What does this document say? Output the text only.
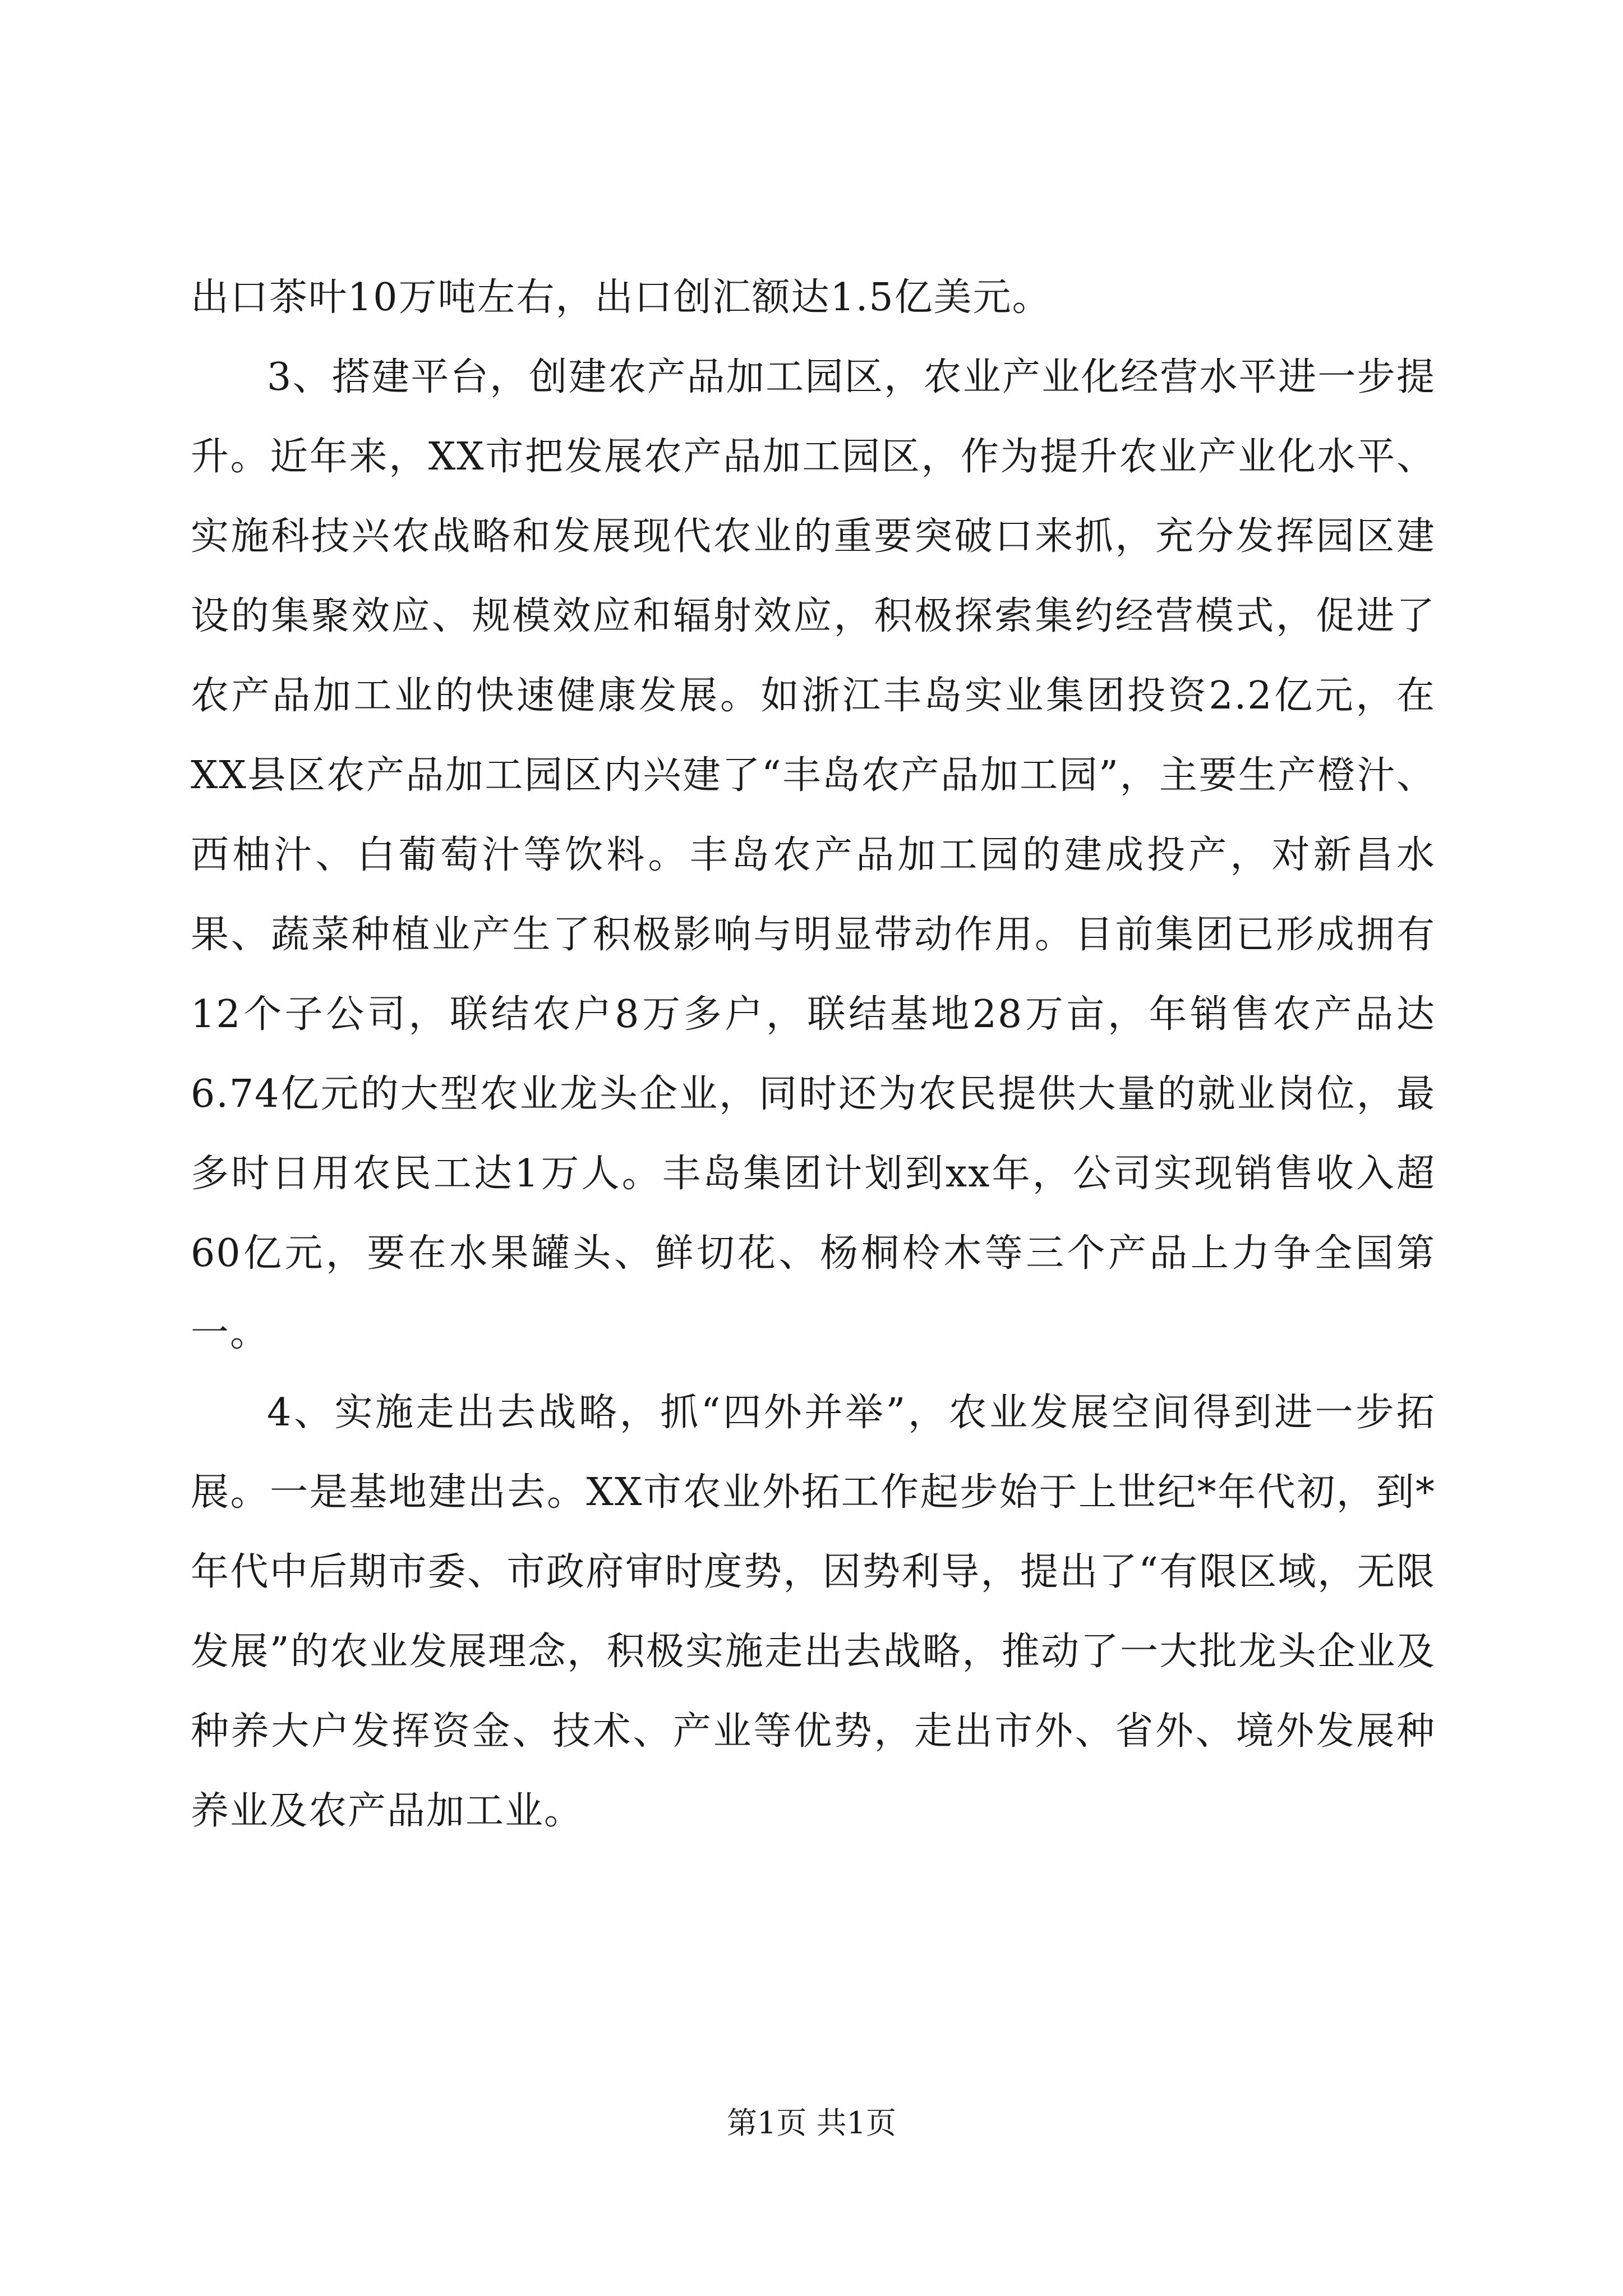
出口茶叶10万吨左右，出口创汇额达1.5亿美元。

3、搭建平台，创建农产品加工园区，农业产业化经营水平进一步提升。近年来，XX市把发展农产品加工园区，作为提升农业产业化水平、实施科技兴农战略和发展现代农业的重要突破口来抓，充分发挥园区建设的集聚效应、规模效应和辐射效应，积极探索集约经营模式，促进了农产品加工业的快速健康发展。如浙江丰岛实业集团投资2.2亿元，在XX县区农产品加工园区内兴建了“丰岛农产品加工园”，主要生产橙汁、西柚汁、白葡萄汁等饮料。丰岛农产品加工园的建成投产，对新昌水果、蔬菜种植业产生了积极影响与明显带动作用。目前集团已形成拥有12个子公司，联结农户8万多户，联结基地28万亩，年销售农产品达6.74亿元的大型农业龙头企业，同时还为农民提供大量的就业岗位，最多时日用农民工达1万人。丰岛集团计划到xx年，公司实现销售收入超60亿元，要在水果罐头、鲜切花、杨桐柃木等三个产品上力争全国第一。

4、实施走出去战略，抓“四外并举”，农业发展空间得到进一步拓展。一是基地建出去。XX市农业外拓工作起步始于上世纪*年代初，到*年代中后期市委、市政府审时度势，因势利导，提出了“有限区域，无限发展”的农业发展理念，积极实施走出去战略，推动了一大批龙头企业及种养大户发挥资金、技术、产业等优势，走出市外、省外、境外发展种养业及农产品加工业。

第1页 共1页
